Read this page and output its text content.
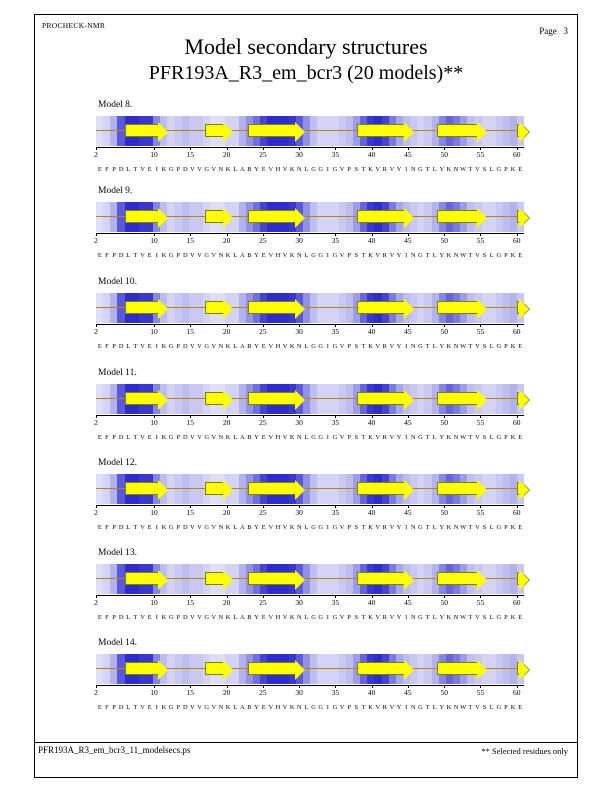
PROCHECK-NMR
Page 3
Model secondary structures
PFR193A_R3_em_bcr3 (20 models)**
Model 8.
2	10	15	20	25	30	35	40	45	50	55	60
E F P D L T V E I K G P D V V G V N K L A B Y E V H V K N L G G I G V P S T K V R V Y I N G T L Y K N W T V S L G P K E
Model 9.
2	10	15	20	25	30	35	40	45	50	55	60
E F P D L T V E I K G P D V V G V N K L A B Y E V H V K N L G G I G V P S T K V R V Y I N G T L Y K N W T V S L G P K E
Model 10.
2	10	15	20	25	30	35	40	45	50	55	60
E F P D L T V E I K G P D V V G V N K L A B Y E V H V K N L G G I G V P S T K V R V Y I N G T L Y K N W T V S L G P K E
Model 11.
2	10	15	20	25	30	35	40	45	50	55	60
E F P D L T V E I K G P D V V G V N K L A B Y E V H V K N L G G I G V P S T K V R V Y I N G T L Y K N W T V S L G P K E
Model 12.
2	10	15	20	25	30	35	40	45	50	55	60
E F P D L T V E I K G P D V V G V N K L A B Y E V H V K N L G G I G V P S T K V R V Y I N G T L Y K N W T V S L G P K E
Model 13.
2	10	15	20	25	30	35	40	45	50	55	60
E F P D L T V E I K G P D V V G V N K L A B Y E V H V K N L G G I G V P S T K V R V Y I N G T L Y K N W T V S L G P K E
Model 14.
2	10	15	20	25	30	35	40	45	50	55	60
E F P D L T V E I K G P D V V G V N K L A B Y E V H V K N L G G I G V P S T K V R V Y I N G T L Y K N W T V S L G P K E
PFR193A_R3_em_bcr3_11_modelsecs.ps	** Selected residues only
